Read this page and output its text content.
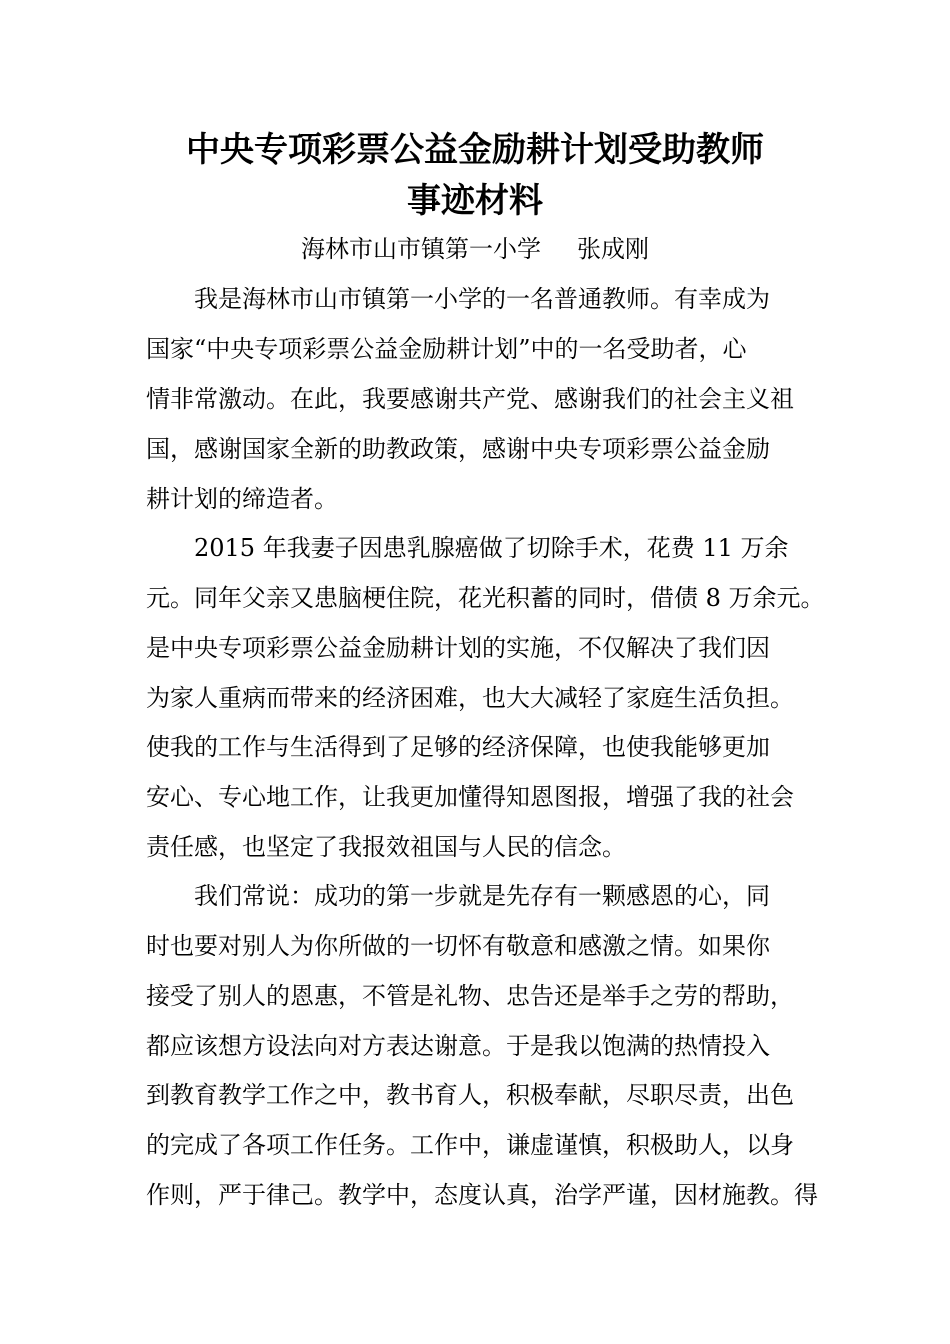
中央专项彩票公益金励耕计划受助教师
事迹材料
海林市山市镇第一小学 张成刚
我是海林市山市镇第一小学的一名普通教师。有幸成为
国家“中央专项彩票公益金励耕计划”中的一名受助者，心
情非常激动。在此，我要感谢共产党、感谢我们的社会主义祖
国，感谢国家全新的助教政策，感谢中央专项彩票公益金励
耕计划的缔造者。
2015 年我妻子因患乳腺癌做了切除手术，花费 11 万余
元。同年父亲又患脑梗住院，花光积蓄的同时，借债 8 万余元。
是中央专项彩票公益金励耕计划的实施，不仅解决了我们因
为家人重病而带来的经济困难，也大大减轻了家庭生活负担。
使我的工作与生活得到了足够的经济保障，也使我能够更加
安心、专心地工作，让我更加懂得知恩图报，增强了我的社会
责任感，也坚定了我报效祖国与人民的信念。
我们常说：成功的第一步就是先存有一颗感恩的心，同
时也要对别人为你所做的一切怀有敬意和感激之情。如果你
接受了别人的恩惠，不管是礼物、忠告还是举手之劳的帮助，
都应该想方设法向对方表达谢意。于是我以饱满的热情投入
到教育教学工作之中，教书育人，积极奉献，尽职尽责，出色
的完成了各项工作任务。工作中，谦虚谨慎，积极助人，以身
作则，严于律己。教学中，态度认真，治学严谨，因材施教。得
